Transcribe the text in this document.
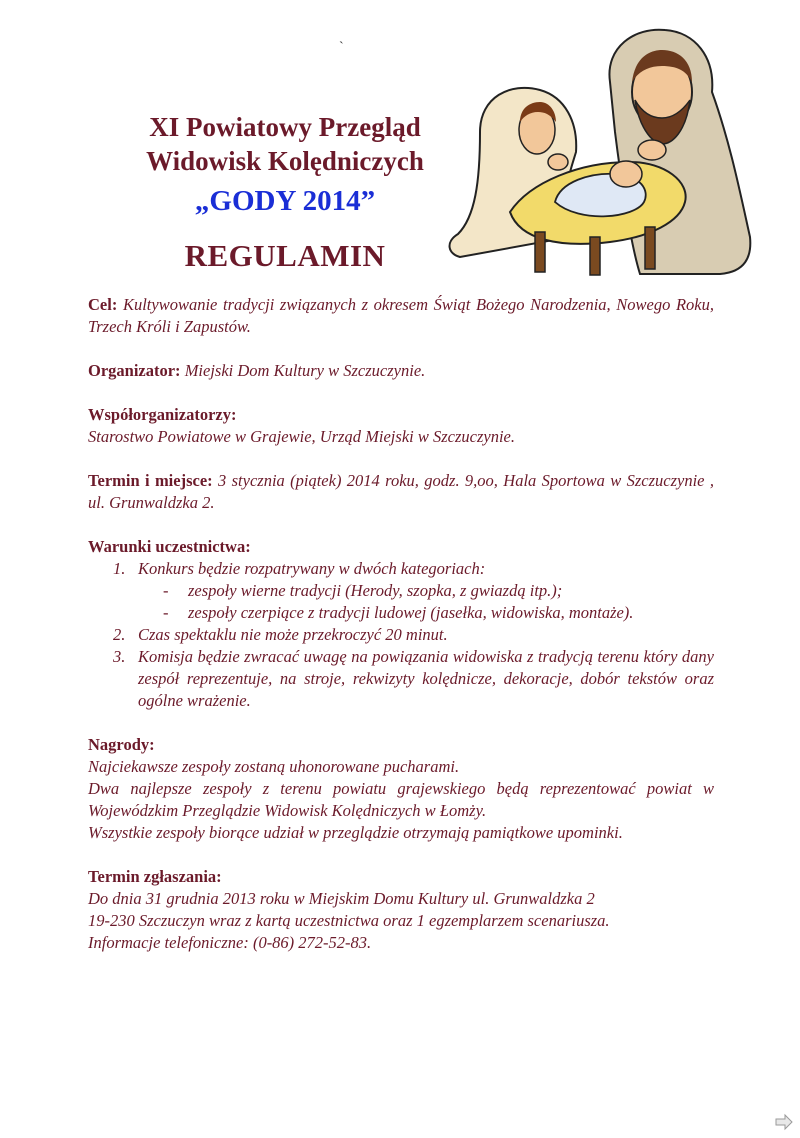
`
XI Powiatowy Przegląd
Widowisk Kolędniczych
„GODY 2014”
REGULAMIN

Cel: Kultywowanie tradycji związanych z okresem Świąt Bożego Narodzenia, Nowego Roku, Trzech Króli i Zapustów.

Organizator: Miejski Dom Kultury w Szczuczynie.

Współorganizatorzy:

Starostwo Powiatowe w Grajewie, Urząd Miejski w Szczuczynie.

Termin i miejsce: 3 stycznia (piątek) 2014 roku, godz. 9,oo, Hala Sportowa w Szczuczynie , ul. Grunwaldzka 2.

Warunki uczestnictwa:

1. Konkurs będzie rozpatrywany w dwóch kategoriach:
- zespoły wierne tradycji (Herody, szopka, z gwiazdą itp.);
- zespoły czerpiące z tradycji ludowej (jasełka, widowiska, montaże).
2. Czas spektaklu nie może przekroczyć 20 minut.
3. Komisja będzie zwracać uwagę na powiązania widowiska z tradycją terenu który dany zespół reprezentuje, na stroje, rekwizyty kolędnicze, dekoracje, dobór tekstów oraz ogólne wrażenie.

Nagrody:

Najciekawsze zespoły zostaną uhonorowane pucharami.

Dwa najlepsze zespoły z terenu powiatu grajewskiego będą reprezentować powiat w Wojewódzkim Przeglądzie Widowisk Kolędniczych w Łomży.

Wszystkie zespoły biorące udział w przeglądzie otrzymają pamiątkowe upominki.

Termin zgłaszania:

Do dnia 31 grudnia 2013 roku w Miejskim Domu Kultury ul. Grunwaldzka 2

19-230 Szczuczyn wraz z kartą uczestnictwa oraz 1 egzemplarzem scenariusza.

Informacje telefoniczne: (0-86) 272-52-83.
